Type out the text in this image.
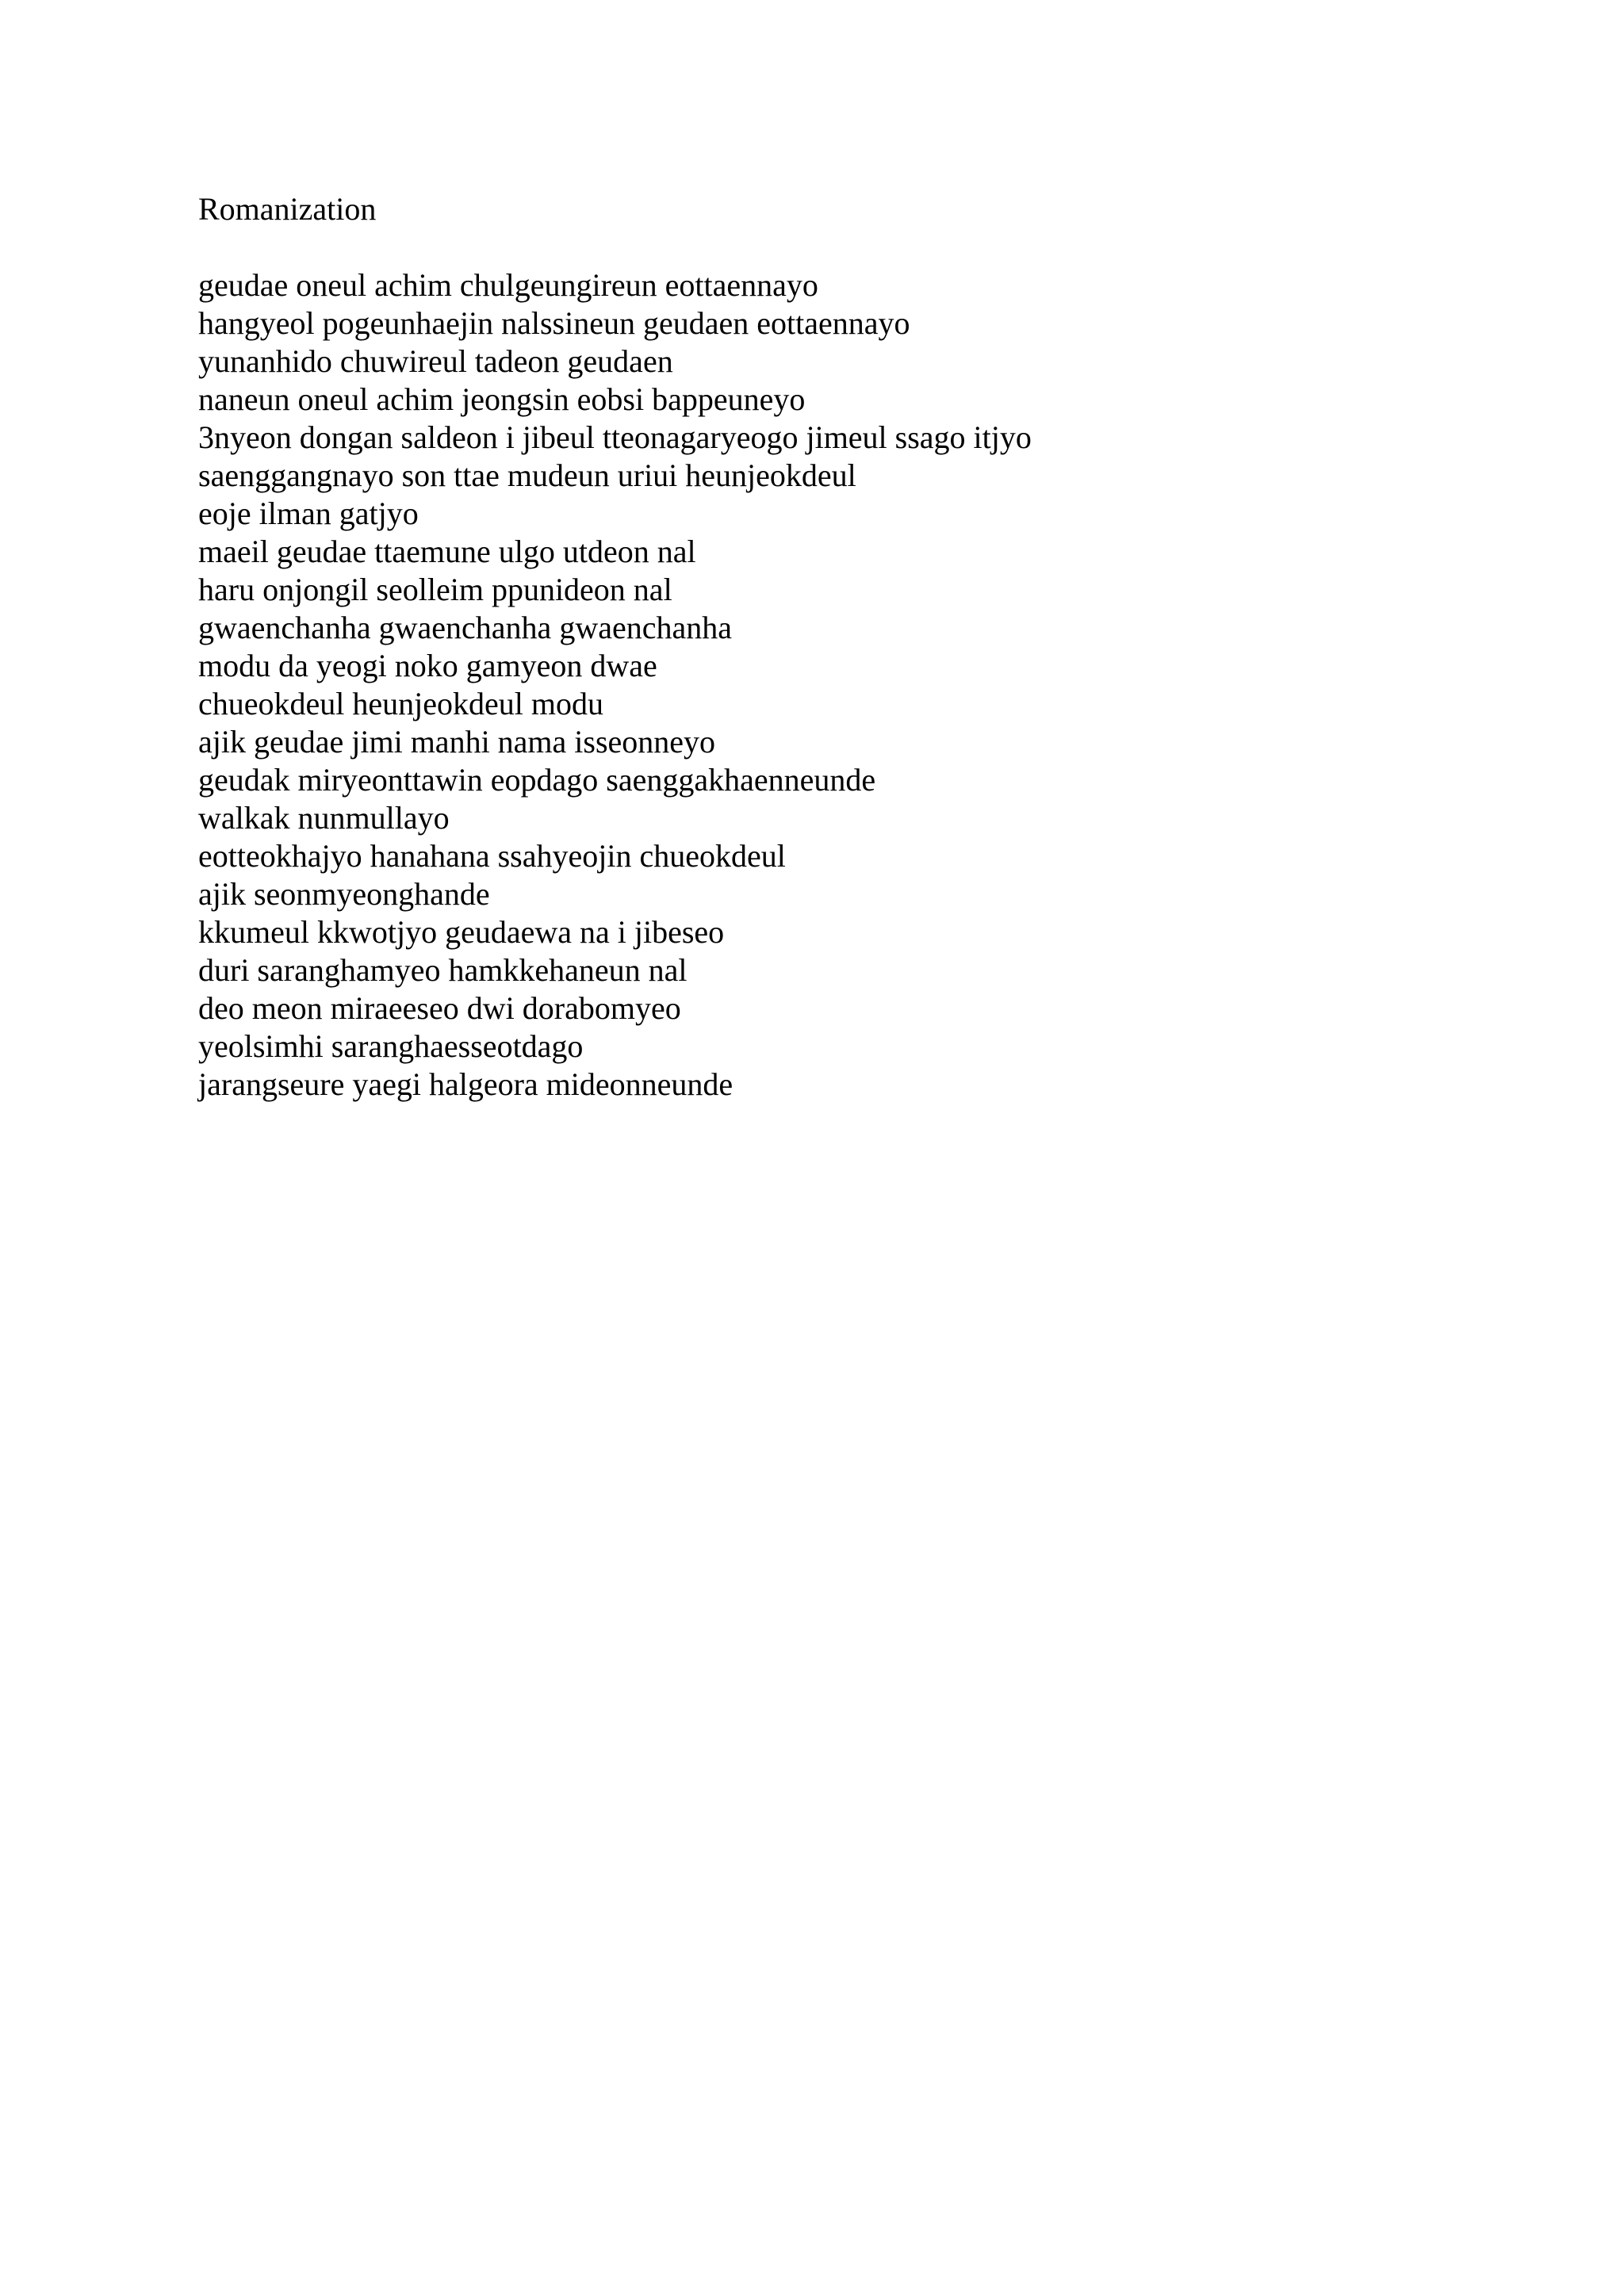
Romanization
geudae oneul achim chulgeungireun eottaennayo
hangyeol pogeunhaejin nalssineun geudaen eottaennayo
yunanhido chuwireul tadeon geudaen
naneun oneul achim jeongsin eobsi bappeuneyo
3nyeon dongan saldeon i jibeul tteonagaryeogo jimeul ssago itjyo
saenggangnayo son ttae mudeun uriui heunjeokdeul
eoje ilman gatjyo
maeil geudae ttaemune ulgo utdeon nal
haru onjongil seolleim ppunideon nal
gwaenchanha gwaenchanha gwaenchanha
modu da yeogi noko gamyeon dwae
chueokdeul heunjeokdeul modu
ajik geudae jimi manhi nama isseonneyo
geudak miryeonttawin eopdago saenggakhaenneunde
walkak nunmullayo
eotteokhajyo hanahana ssahyeojin chueokdeul
ajik seonmyeonghande
kkumeul kkwotjyo geudaewa na i jibeseo
duri saranghamyeo hamkkehaneun nal
deo meon miraeeseo dwi dorabomyeo
yeolsimhi saranghaesseotdago
jarangseure yaegi halgeora mideonneunde
